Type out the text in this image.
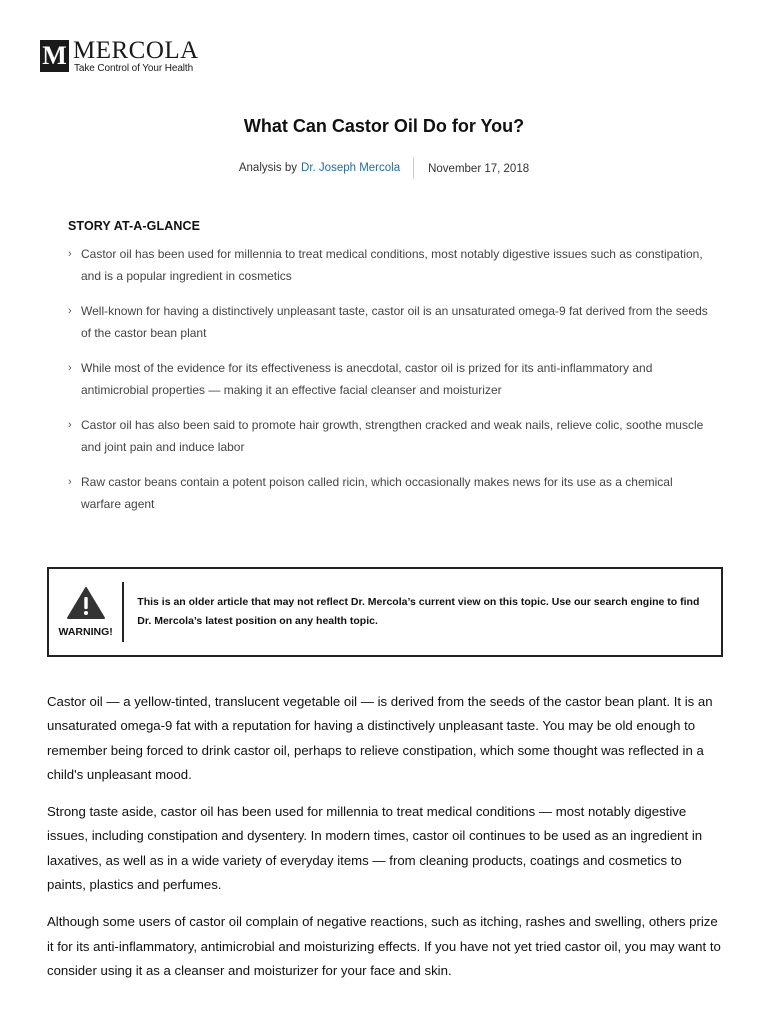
M MERCOLA
Take Control of Your Health
What Can Castor Oil Do for You?
Analysis by Dr. Joseph Mercola	November 17, 2018
STORY AT-A-GLANCE
› Castor oil has been used for millennia to treat medical conditions, most notably digestive issues such as constipation, and is a popular ingredient in cosmetics
› Well-known for having a distinctively unpleasant taste, castor oil is an unsaturated omega-9 fat derived from the seeds of the castor bean plant
› While most of the evidence for its effectiveness is anecdotal, castor oil is prized for its anti-inflammatory and antimicrobial properties — making it an effective facial cleanser and moisturizer
› Castor oil has also been said to promote hair growth, strengthen cracked and weak nails, relieve colic, soothe muscle and joint pain and induce labor
› Raw castor beans contain a potent poison called ricin, which occasionally makes news for its use as a chemical warfare agent
WARNING!
This is an older article that may not reflect Dr. Mercola’s current view on this topic. Use our search engine to find Dr. Mercola’s latest position on any health topic.

Castor oil — a yellow-tinted, translucent vegetable oil — is derived from the seeds of the castor bean plant. It is an unsaturated omega-9 fat with a reputation for having a distinctively unpleasant taste. You may be old enough to remember being forced to drink castor oil, perhaps to relieve constipation, which some thought was reflected in a child's unpleasant mood.

Strong taste aside, castor oil has been used for millennia to treat medical conditions — most notably digestive issues, including constipation and dysentery. In modern times, castor oil continues to be used as an ingredient in laxatives, as well as in a wide variety of everyday items — from cleaning products, coatings and cosmetics to paints, plastics and perfumes.

Although some users of castor oil complain of negative reactions, such as itching, rashes and swelling, others prize it for its anti-inflammatory, antimicrobial and moisturizing effects. If you have not yet tried castor oil, you may want to consider using it as a cleanser and moisturizer for your face and skin.
